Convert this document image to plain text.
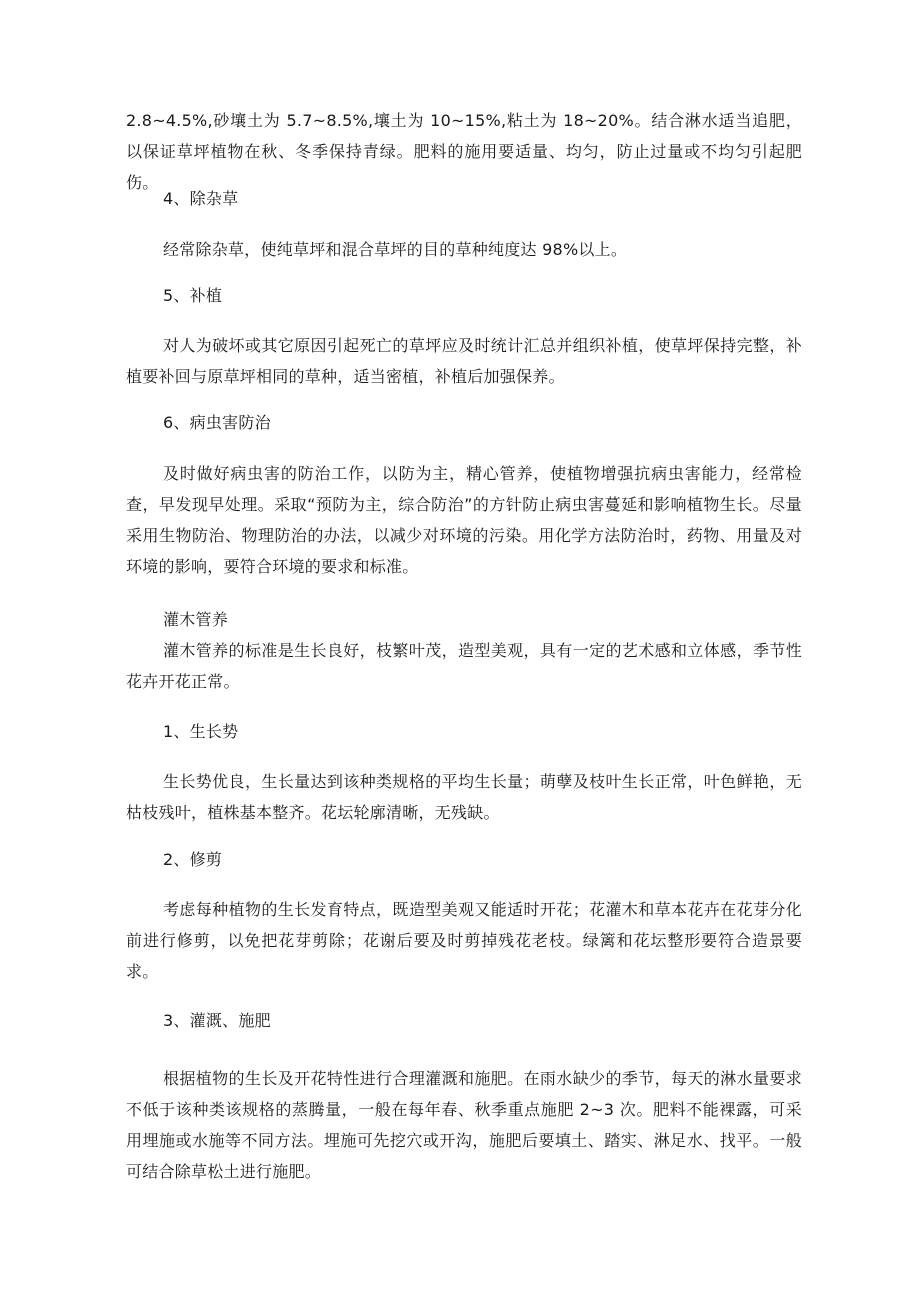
2.8~4.5%,砂壤土为 5.7~8.5%,壤土为 10~15%,粘土为 18~20%。结合淋水适当追肥，以保证草坪植物在秋、冬季保持青绿。肥料的施用要适量、均匀，防止过量或不均匀引起肥伤。

4、除杂草

经常除杂草，使纯草坪和混合草坪的目的草种纯度达 98%以上。

5、补植

对人为破坏或其它原因引起死亡的草坪应及时统计汇总并组织补植，使草坪保持完整，补植要补回与原草坪相同的草种，适当密植，补植后加强保养。

6、病虫害防治

及时做好病虫害的防治工作，以防为主，精心管养，使植物增强抗病虫害能力，经常检查，早发现早处理。采取“预防为主，综合防治”的方针防止病虫害蔓延和影响植物生长。尽量采用生物防治、物理防治的办法，以减少对环境的污染。用化学方法防治时，药物、用量及对环境的影响，要符合环境的要求和标准。

灌木管养

灌木管养的标准是生长良好，枝繁叶茂，造型美观，具有一定的艺术感和立体感，季节性花卉开花正常。

1、生长势

生长势优良，生长量达到该种类规格的平均生长量；萌孽及枝叶生长正常，叶色鲜艳，无枯枝残叶，植株基本整齐。花坛轮廓清晰，无残缺。

2、修剪

考虑每种植物的生长发育特点，既造型美观又能适时开花；花灌木和草本花卉在花芽分化前进行修剪，以免把花芽剪除；花谢后要及时剪掉残花老枝。绿篱和花坛整形要符合造景要求。

3、灌溉、施肥

根据植物的生长及开花特性进行合理灌溉和施肥。在雨水缺少的季节，每天的淋水量要求不低于该种类该规格的蒸腾量，一般在每年春、秋季重点施肥 2~3 次。肥料不能裸露，可采用埋施或水施等不同方法。埋施可先挖穴或开沟，施肥后要填土、踏实、淋足水、找平。一般可结合除草松土进行施肥。
